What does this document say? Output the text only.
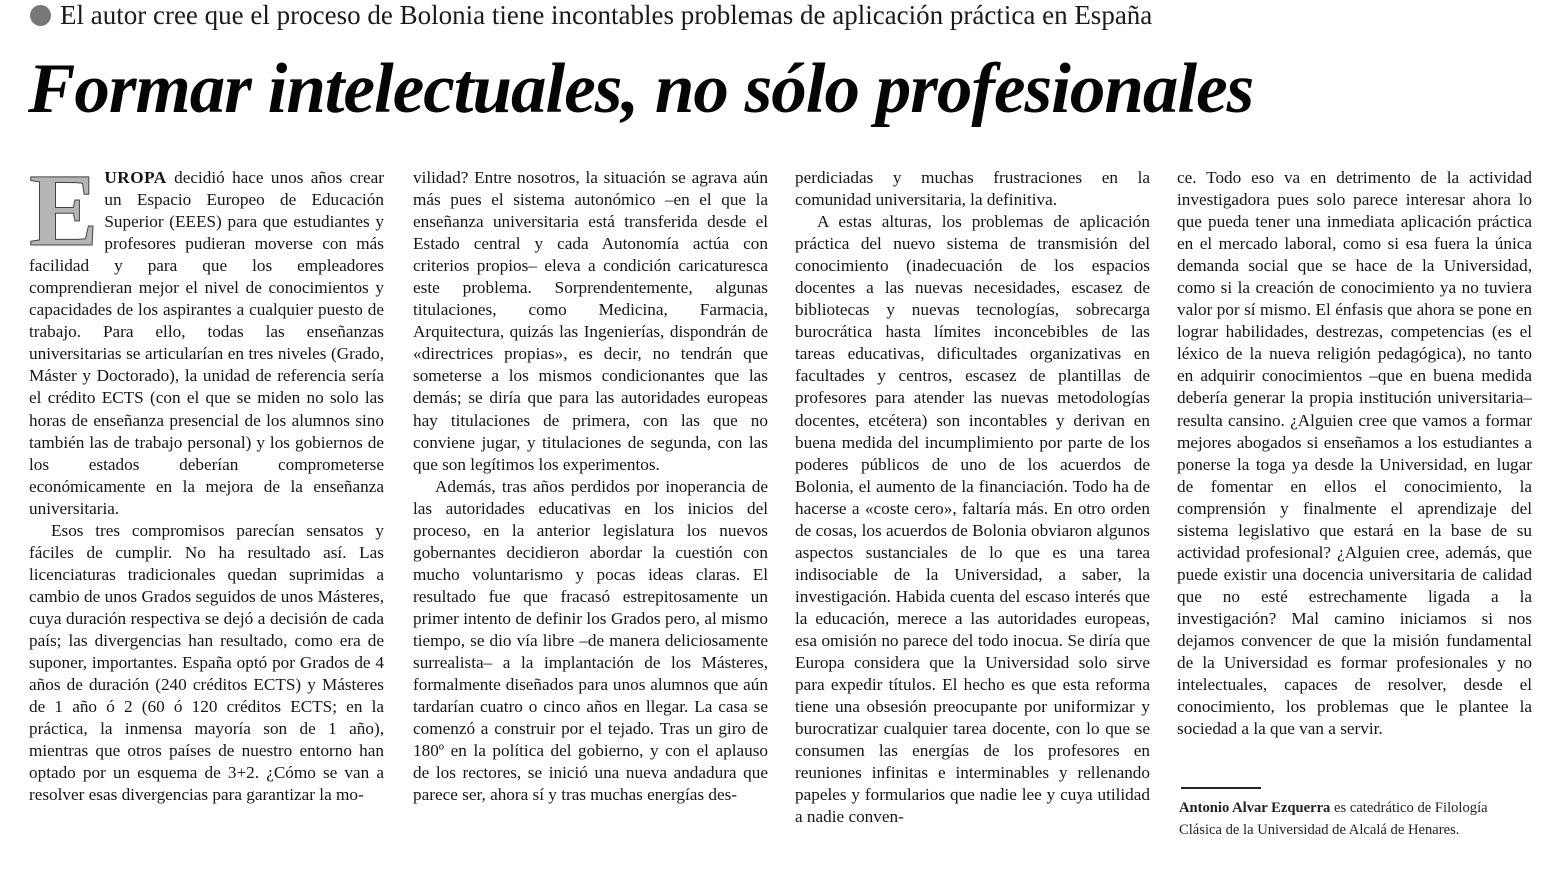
El autor cree que el proceso de Bolonia tiene incontables problemas de aplicación práctica en España
Formar intelectuales, no sólo profesionales

EUROPA decidió hace unos años crear un Espacio Europeo de Educación Superior (EEES) para que estudiantes y profesores pudieran moverse con más facilidad y para que los empleadores comprendieran mejor el nivel de conocimientos y capacidades de los aspirantes a cualquier puesto de trabajo. Para ello, todas las enseñanzas universitarias se articularían en tres niveles (Grado, Máster y Doctorado), la unidad de referencia sería el crédito ECTS (con el que se miden no solo las horas de enseñanza presencial de los alumnos sino también las de trabajo personal) y los gobiernos de los estados deberían comprometerse económicamente en la mejora de la enseñanza universitaria.

Esos tres compromisos parecían sensatos y fáciles de cumplir. No ha resultado así. Las licenciaturas tradicionales quedan suprimidas a cambio de unos Grados seguidos de unos Másteres, cuya duración respectiva se dejó a decisión de cada país; las divergencias han resultado, como era de suponer, importantes. España optó por Grados de 4 años de duración (240 créditos ECTS) y Másteres de 1 año ó 2 (60 ó 120 créditos ECTS; en la práctica, la inmensa mayoría son de 1 año), mientras que otros países de nuestro entorno han optado por un esquema de 3+2. ¿Cómo se van a resolver esas divergencias para garantizar la mo-

vilidad? Entre nosotros, la situación se agrava aún más pues el sistema autonómico –en el que la enseñanza universitaria está transferida desde el Estado central y cada Autonomía actúa con criterios propios– eleva a condición caricaturesca este problema. Sorprendentemente, algunas titulaciones, como Medicina, Farmacia, Arquitectura, quizás las Ingenierías, dispondrán de «directrices propias», es decir, no tendrán que someterse a los mismos condicionantes que las demás; se diría que para las autoridades europeas hay titulaciones de primera, con las que no conviene jugar, y titulaciones de segunda, con las que son legítimos los experimentos.

Además, tras años perdidos por inoperancia de las autoridades educativas en los inicios del proceso, en la anterior legislatura los nuevos gobernantes decidieron abordar la cuestión con mucho voluntarismo y pocas ideas claras. El resultado fue que fracasó estrepitosamente un primer intento de definir los Grados pero, al mismo tiempo, se dio vía libre –de manera deliciosamente surrealista– a la implantación de los Másteres, formalmente diseñados para unos alumnos que aún tardarían cuatro o cinco años en llegar. La casa se comenzó a construir por el tejado. Tras un giro de 180º en la política del gobierno, y con el aplauso de los rectores, se inició una nueva andadura que parece ser, ahora sí y tras muchas energías des-

perdiciadas y muchas frustraciones en la comunidad universitaria, la definitiva.

A estas alturas, los problemas de aplicación práctica del nuevo sistema de transmisión del conocimiento (inadecuación de los espacios docentes a las nuevas necesidades, escasez de bibliotecas y nuevas tecnologías, sobrecarga burocrática hasta límites inconcebibles de las tareas educativas, dificultades organizativas en facultades y centros, escasez de plantillas de profesores para atender las nuevas metodologías docentes, etcétera) son incontables y derivan en buena medida del incumplimiento por parte de los poderes públicos de uno de los acuerdos de Bolonia, el aumento de la financiación. Todo ha de hacerse a «coste cero», faltaría más. En otro orden de cosas, los acuerdos de Bolonia obviaron algunos aspectos sustanciales de lo que es una tarea indisociable de la Universidad, a saber, la investigación. Habida cuenta del escaso interés que la educación, merece a las autoridades europeas, esa omisión no parece del todo inocua. Se diría que Europa considera que la Universidad solo sirve para expedir títulos. El hecho es que esta reforma tiene una obsesión preocupante por uniformizar y burocratizar cualquier tarea docente, con lo que se consumen las energías de los profesores en reuniones infinitas e interminables y rellenando papeles y formularios que nadie lee y cuya utilidad a nadie conven-

ce. Todo eso va en detrimento de la actividad investigadora pues solo parece interesar ahora lo que pueda tener una inmediata aplicación práctica en el mercado laboral, como si esa fuera la única demanda social que se hace de la Universidad, como si la creación de conocimiento ya no tuviera valor por sí mismo. El énfasis que ahora se pone en lograr habilidades, destrezas, competencias (es el léxico de la nueva religión pedagógica), no tanto en adquirir conocimientos –que en buena medida debería generar la propia institución universitaria– resulta cansino. ¿Alguien cree que vamos a formar mejores abogados si enseñamos a los estudiantes a ponerse la toga ya desde la Universidad, en lugar de fomentar en ellos el conocimiento, la comprensión y finalmente el aprendizaje del sistema legislativo que estará en la base de su actividad profesional? ¿Alguien cree, además, que puede existir una docencia universitaria de calidad que no esté estrechamente ligada a la investigación? Mal camino iniciamos si nos dejamos convencer de que la misión fundamental de la Universidad es formar profesionales y no intelectuales, capaces de resolver, desde el conocimiento, los problemas que le plantee la sociedad a la que van a servir.

Antonio Alvar Ezquerra es catedrático de Filología Clásica de la Universidad de Alcalá de Henares.
